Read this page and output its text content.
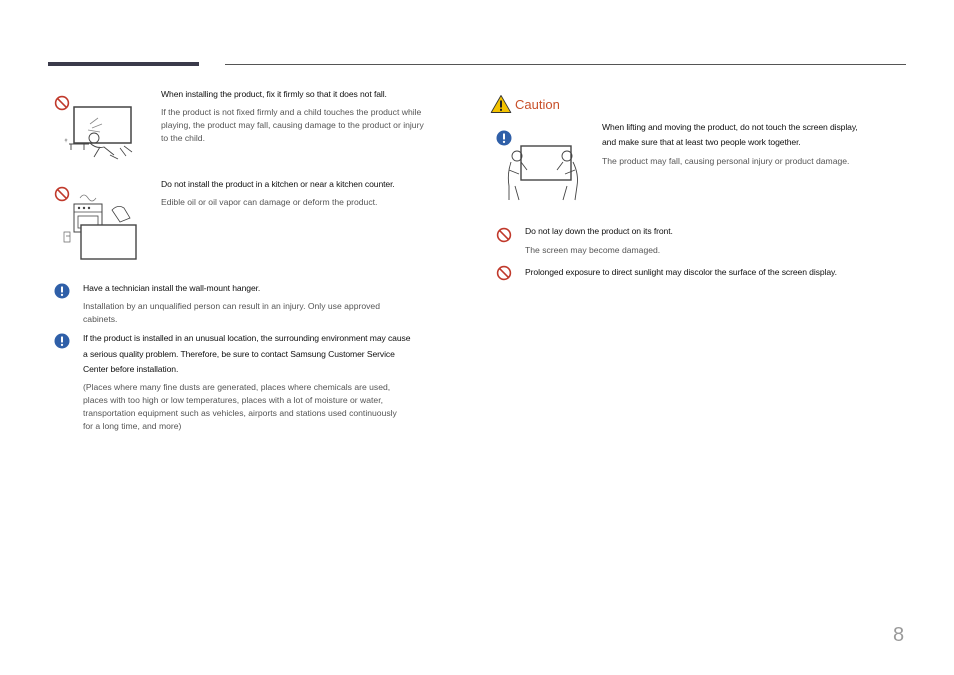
﹟
When installing the product, fix it firmly so that it does not fall.
If the product is not fixed firmly and a child touches the product while
playing, the product may fall, causing damage to the product or injury
to the child.
Do not install the product in a kitchen or near a kitchen counter.
Edible oil or oil vapor can damage or deform the product.
Have a technician install the wall-mount hanger.
Installation by an unqualified person can result in an injury. Only use approved
cabinets.
If the product is installed in an unusual location, the surrounding environment may cause
a serious quality problem. Therefore, be sure to contact Samsung Customer Service
Center before installation.
(Places where many fine dusts are generated, places where chemicals are used,
places with too high or low temperatures, places with a lot of moisture or water,
transportation equipment such as vehicles, airports and stations used continuously
for a long time, and more)
Caution
When lifting and moving the product, do not touch the screen display,
and make sure that at least two people work together.
The product may fall, causing personal injury or product damage.
Do not lay down the product on its front.
The screen may become damaged.
Prolonged exposure to direct sunlight may discolor the surface of the screen display.
8
